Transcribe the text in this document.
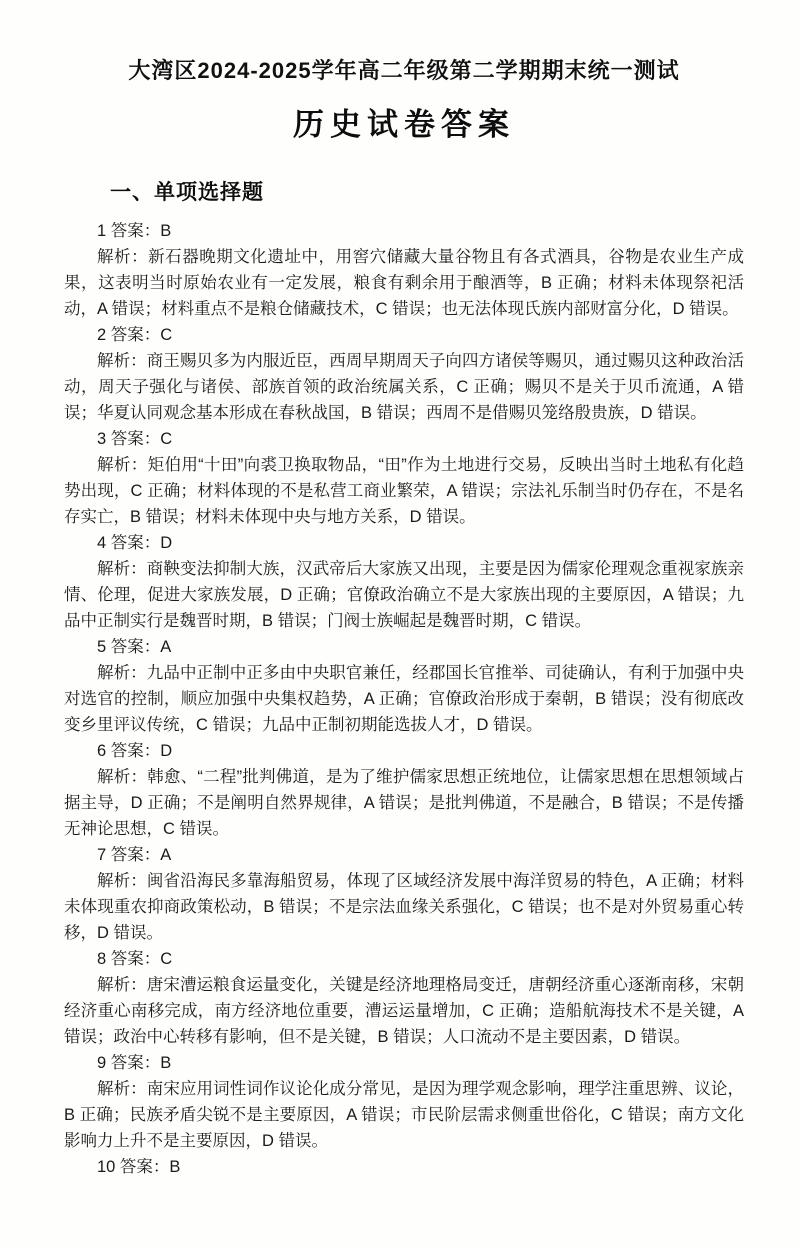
大湾区2024-2025学年高二年级第二学期期末统一测试
历史试卷答案
一、单项选择题

1 答案：B

解析：新石器晚期文化遗址中，用窖穴储藏大量谷物且有各式酒具，谷物是农业生产成果，这表明当时原始农业有一定发展，粮食有剩余用于酿酒等，B 正确；材料未体现祭祀活动，A 错误；材料重点不是粮仓储藏技术，C 错误；也无法体现氏族内部财富分化，D 错误。

2 答案：C

解析：商王赐贝多为内服近臣，西周早期周天子向四方诸侯等赐贝，通过赐贝这种政治活动，周天子强化与诸侯、部族首领的政治统属关系，C 正确；赐贝不是关于贝币流通，A 错误；华夏认同观念基本形成在春秋战国，B 错误；西周不是借赐贝笼络殷贵族，D 错误。

3 答案：C

解析：矩伯用“十田”向裘卫换取物品，“田”作为土地进行交易，反映出当时土地私有化趋势出现，C 正确；材料体现的不是私营工商业繁荣，A 错误；宗法礼乐制当时仍存在，不是名存实亡，B 错误；材料未体现中央与地方关系，D 错误。

4 答案：D

解析：商鞅变法抑制大族，汉武帝后大家族又出现，主要是因为儒家伦理观念重视家族亲情、伦理，促进大家族发展，D 正确；官僚政治确立不是大家族出现的主要原因，A 错误；九品中正制实行是魏晋时期，B 错误；门阀士族崛起是魏晋时期，C 错误。

5 答案：A

解析：九品中正制中正多由中央职官兼任，经郡国长官推举、司徒确认，有利于加强中央对选官的控制，顺应加强中央集权趋势，A 正确；官僚政治形成于秦朝，B 错误；没有彻底改变乡里评议传统，C 错误；九品中正制初期能选拔人才，D 错误。

6 答案：D

解析：韩愈、“二程”批判佛道，是为了维护儒家思想正统地位，让儒家思想在思想领域占据主导，D 正确；不是阐明自然界规律，A 错误；是批判佛道，不是融合，B 错误；不是传播无神论思想，C 错误。

7 答案：A

解析：闽省沿海民多靠海船贸易，体现了区域经济发展中海洋贸易的特色，A 正确；材料未体现重农抑商政策松动，B 错误；不是宗法血缘关系强化，C 错误；也不是对外贸易重心转移，D 错误。

8 答案：C

解析：唐宋漕运粮食运量变化，关键是经济地理格局变迁，唐朝经济重心逐渐南移，宋朝经济重心南移完成，南方经济地位重要，漕运运量增加，C 正确；造船航海技术不是关键，A 错误；政治中心转移有影响，但不是关键，B 错误；人口流动不是主要因素，D 错误。

9 答案：B

解析：南宋应用词性词作议论化成分常见，是因为理学观念影响，理学注重思辨、议论，B 正确；民族矛盾尖锐不是主要原因，A 错误；市民阶层需求侧重世俗化，C 错误；南方文化影响力上升不是主要原因，D 错误。

10 答案：B
